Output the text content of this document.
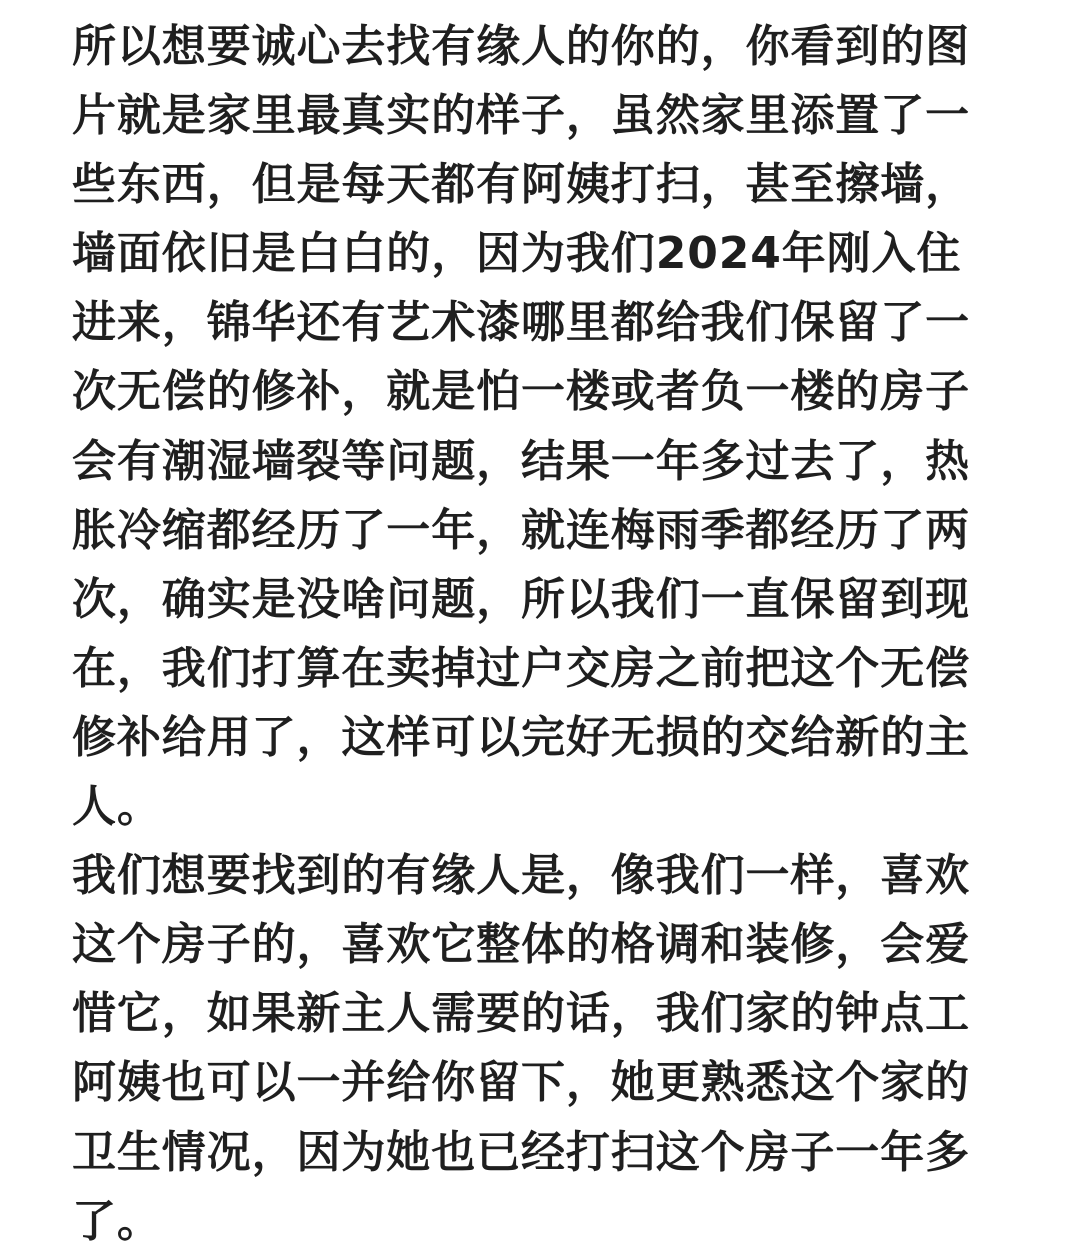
所以想要诚心去找有缘人的你的，你看到的图
片就是家里最真实的样子，虽然家里添置了一
些东西，但是每天都有阿姨打扫，甚至擦墙，
墙面依旧是白白的，因为我们2024年刚入住
进来，锦华还有艺术漆哪里都给我们保留了一
次无偿的修补，就是怕一楼或者负一楼的房子
会有潮湿墙裂等问题，结果一年多过去了，热
胀冷缩都经历了一年，就连梅雨季都经历了两
次，确实是没啥问题，所以我们一直保留到现
在，我们打算在卖掉过户交房之前把这个无偿
修补给用了，这样可以完好无损的交给新的主
人。
我们想要找到的有缘人是，像我们一样，喜欢
这个房子的，喜欢它整体的格调和装修，会爱
惜它，如果新主人需要的话，我们家的钟点工
阿姨也可以一并给你留下，她更熟悉这个家的
卫生情况，因为她也已经打扫这个房子一年多
了。
